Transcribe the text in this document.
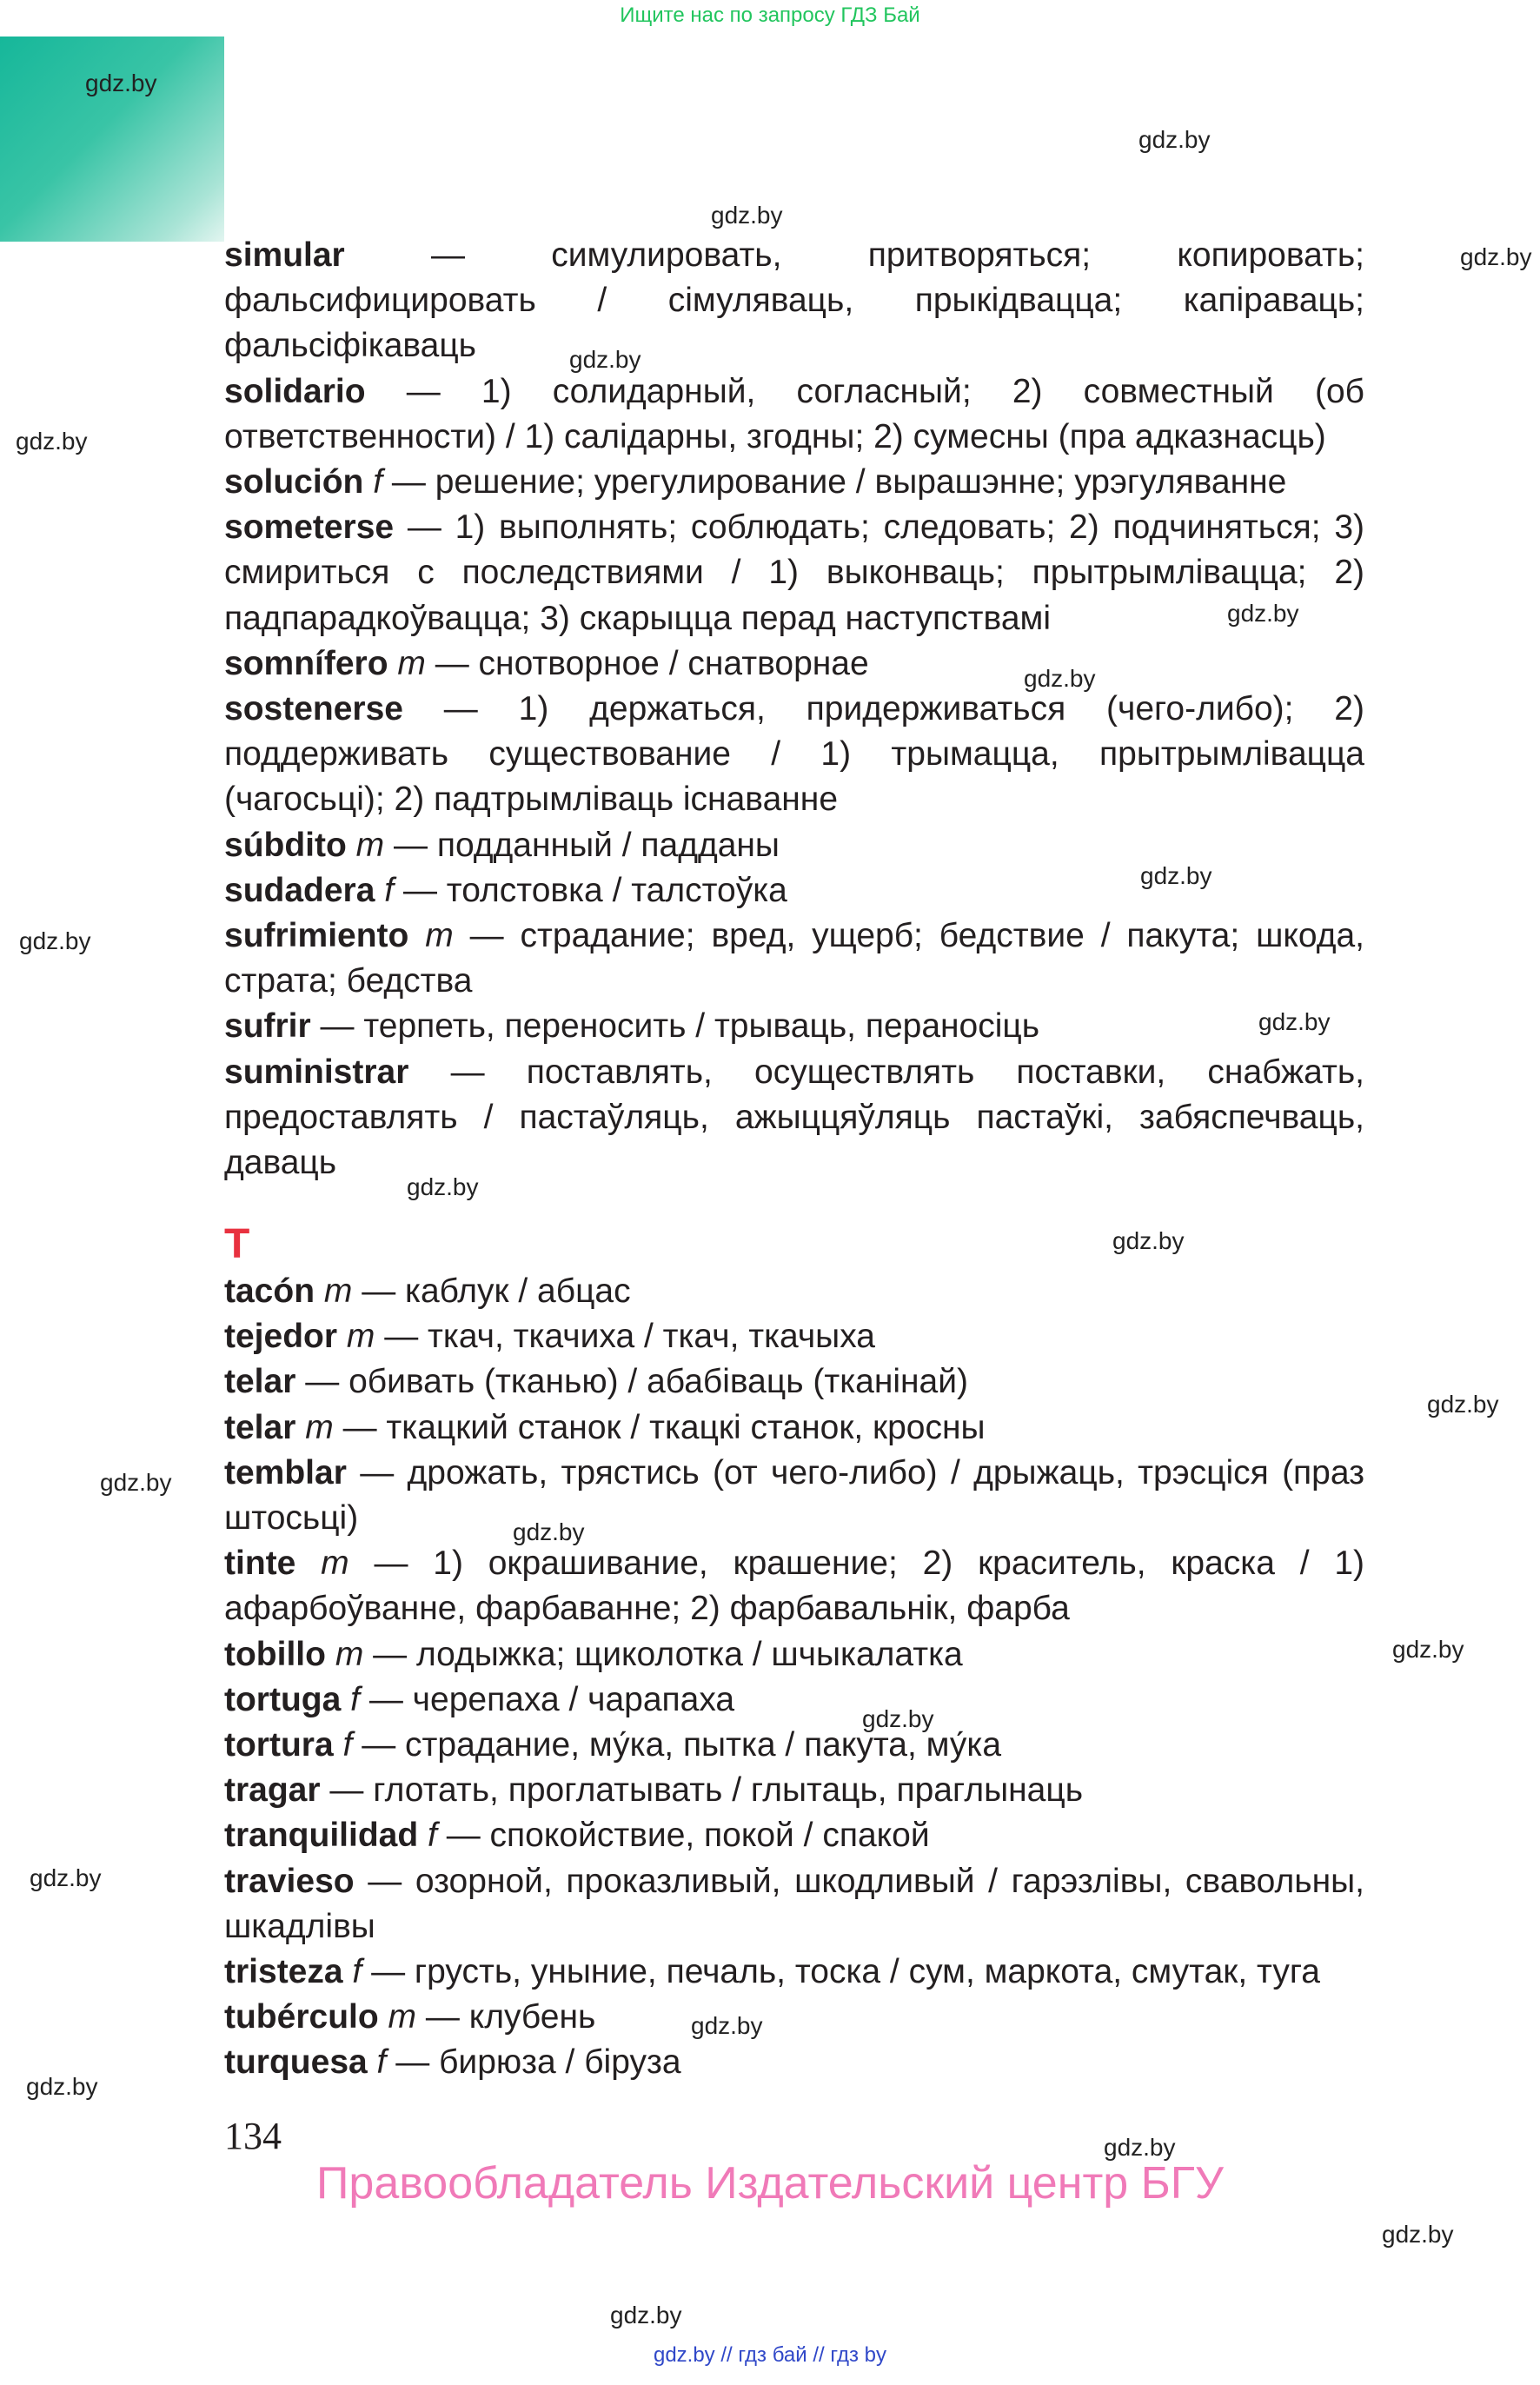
Ищите нас по запросу ГДЗ Бай
gdz.by
gdz.by
gdz.by
gdz.by
gdz.by
gdz.by
gdz.by
gdz.by
gdz.by
gdz.by
gdz.by
gdz.by
gdz.by
gdz.by
gdz.by
gdz.by
gdz.by
gdz.by
gdz.by
gdz.by
gdz.by
gdz.by
gdz.by
gdz.by

simular	— симулировать, притворяться; копировать; фальсифицировать / сiмуляваць, прыкiдвацца; капiраваць; фальсiфiкаваць

solidario — 1) солидарный, согласный; 2) совместный (об ответственности) / 1) салiдарны, згодны; 2) сумесны (пра адказнасць)

solución f — решение; урегулирование / вырашэнне; урэгуляванне

someterse — 1) выполнять; соблюдать; следовать; 2) подчиняться; 3) смириться с последствиями / 1) выконваць; прытрымлiвацца; 2) падпарадкоўвацца; 3) скарыцца перад наступствамi

somnífero m — снотворное / снатворнае

sostenerse — 1) держаться, придерживаться (чего-либо); 2) поддерживать существование / 1) трымацца, прытрымлiвацца (чагосьцi); 2) падтрымлiваць iснаванне

súbdito m — подданный / падданы

sudadera f — толстовка / талстоўка

sufrimiento m — страдание; вред, ущерб; бедствие / пакута; шкода, страта; бедства

sufrir — терпеть, переносить / трываць, пераносiць

suministrar — поставлять, осуществлять поставки, снабжать, предоставлять / пастаўляць, ажыццяўляць пастаўкi, забяспечваць, даваць

T

tacón m — каблук / абцас

tejedor m — ткач, ткачиха / ткач, ткачыха

telar — обивать (тканью) / абабiваць (тканiнай)

telar m — ткацкий станок / ткацкi станок, кросны

temblar — дрожать, трястись (от чего-либо) / дрыжаць, трэсцiся (праз штосьцi)

tinte m — 1) окрашивание, крашение; 2) краситель, краска / 1) афарбоўванне, фарбаванне; 2) фарбавальнiк, фарба

tobillo m — лодыжка; щиколотка / шчыкалатка

tortuga f — черепаха / чарапаха

tortura f — страдание, му́ка, пытка / пакута, му́ка

tragar — глотать, проглатывать / глытаць, праглынаць

tranquilidad f — спокойствие, покой / спакой

travieso — озорной, проказливый, шкодливый / гарэзлiвы, свавольны, шкадлiвы

tristeza f — грусть, уныние, печаль, тоска / сум, маркота, смутак, туга

tubérculo m — клубень

turquesa f — бирюза / бiруза

134
Правообладатель Издательский центр БГУ
gdz.by // гдз бай // гдз by
